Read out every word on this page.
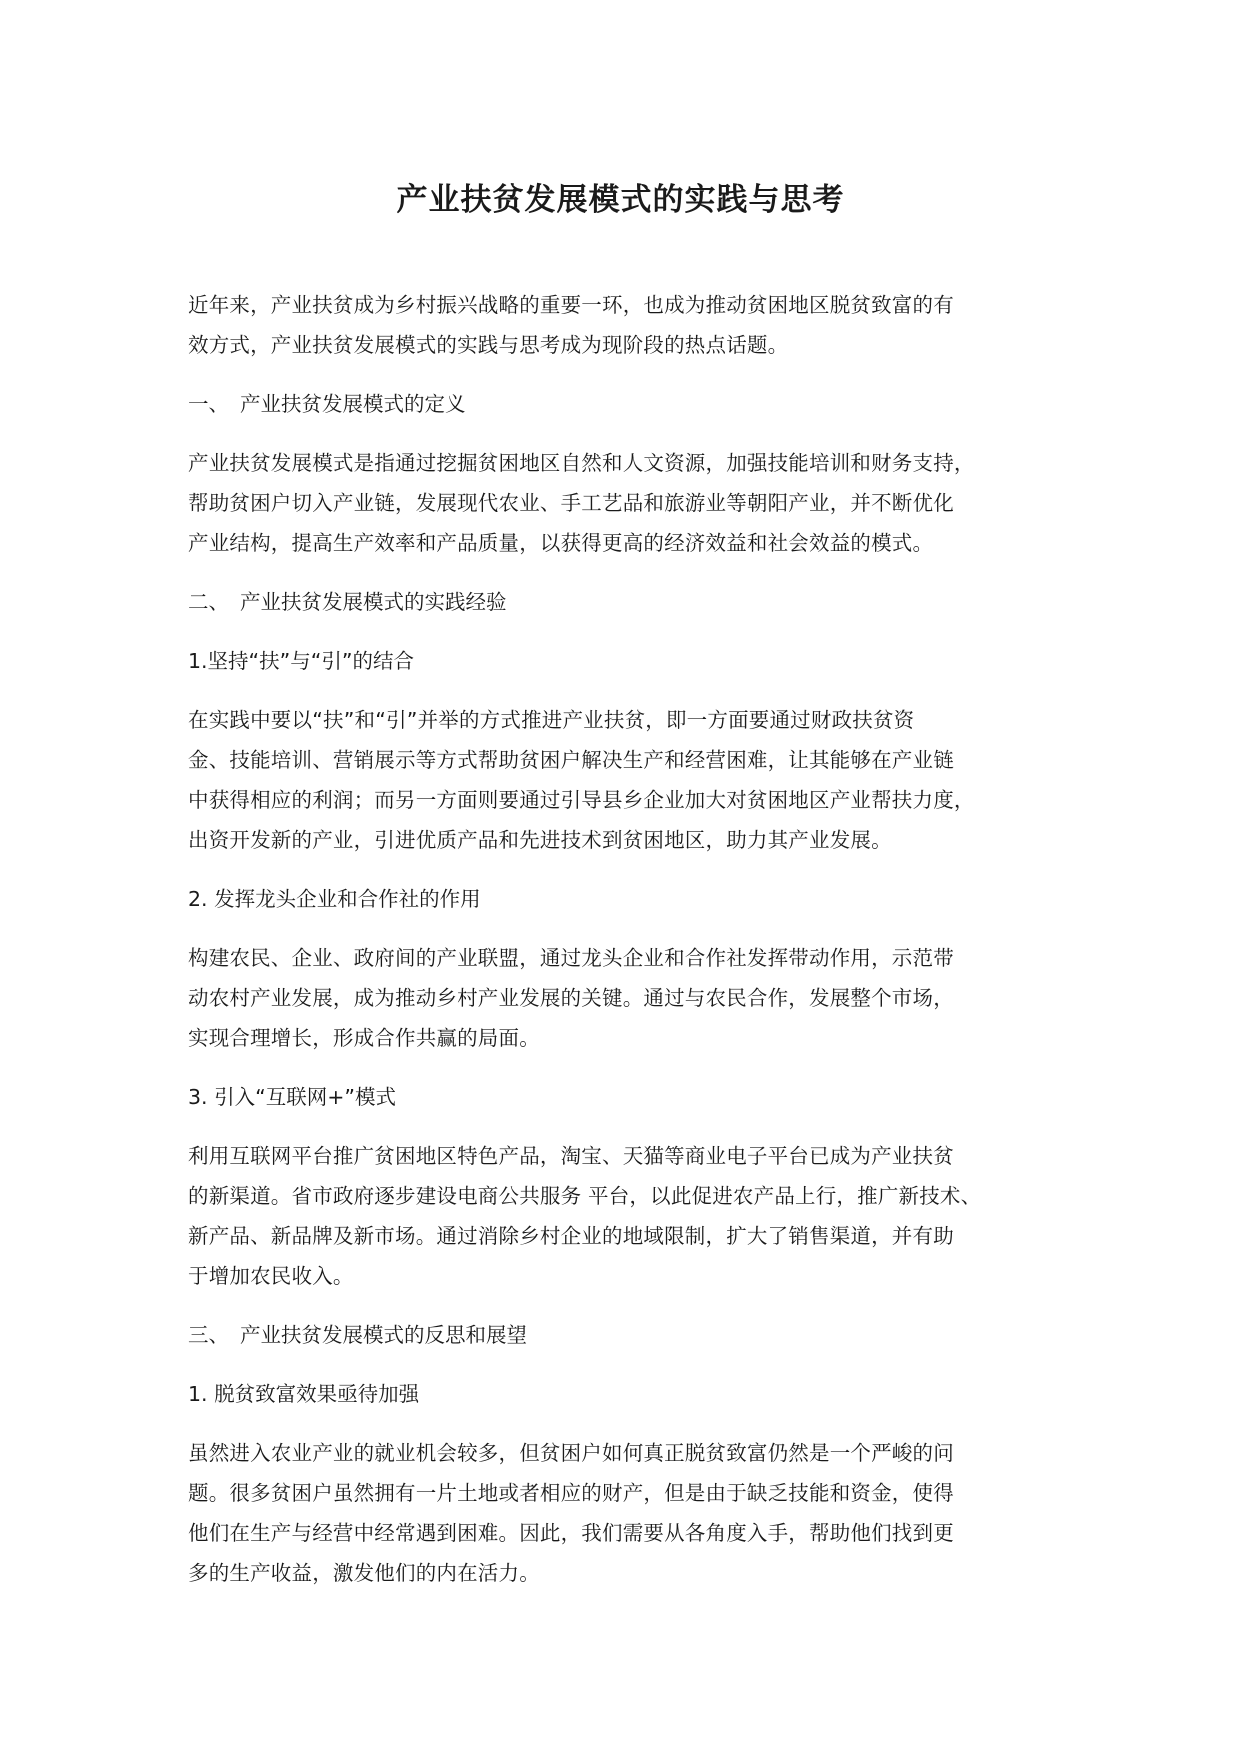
产业扶贫发展模式的实践与思考
近年来，产业扶贫成为乡村振兴战略的重要一环，也成为推动贫困地区脱贫致富的有
效方式，产业扶贫发展模式的实践与思考成为现阶段的热点话题。
一、 产业扶贫发展模式的定义
产业扶贫发展模式是指通过挖掘贫困地区自然和人文资源，加强技能培训和财务支持，
帮助贫困户切入产业链，发展现代农业、手工艺品和旅游业等朝阳产业，并不断优化
产业结构，提高生产效率和产品质量，以获得更高的经济效益和社会效益的模式。
二、 产业扶贫发展模式的实践经验
1.坚持“扶”与“引”的结合
在实践中要以“扶”和“引”并举的方式推进产业扶贫，即一方面要通过财政扶贫资
金、技能培训、营销展示等方式帮助贫困户解决生产和经营困难，让其能够在产业链
中获得相应的利润；而另一方面则要通过引导县乡企业加大对贫困地区产业帮扶力度，
出资开发新的产业，引进优质产品和先进技术到贫困地区，助力其产业发展。
2. 发挥龙头企业和合作社的作用
构建农民、企业、政府间的产业联盟，通过龙头企业和合作社发挥带动作用，示范带
动农村产业发展，成为推动乡村产业发展的关键。通过与农民合作，发展整个市场，
实现合理增长，形成合作共赢的局面。
3. 引入“互联网+”模式
利用互联网平台推广贫困地区特色产品，淘宝、天猫等商业电子平台已成为产业扶贫
的新渠道。省市政府逐步建设电商公共服务 平台，以此促进农产品上行，推广新技术、
新产品、新品牌及新市场。通过消除乡村企业的地域限制，扩大了销售渠道，并有助
于增加农民收入。
三、 产业扶贫发展模式的反思和展望
1. 脱贫致富效果亟待加强
虽然进入农业产业的就业机会较多，但贫困户如何真正脱贫致富仍然是一个严峻的问
题。很多贫困户虽然拥有一片土地或者相应的财产，但是由于缺乏技能和资金，使得
他们在生产与经营中经常遇到困难。因此，我们需要从各角度入手，帮助他们找到更
多的生产收益，激发他们的内在活力。
